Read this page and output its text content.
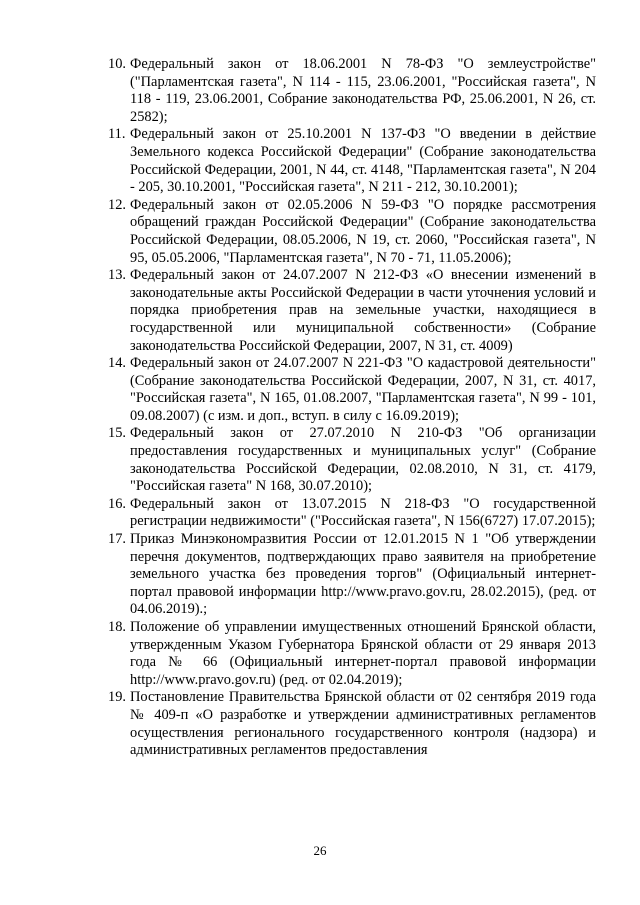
10. Федеральный закон от 18.06.2001 N 78-ФЗ "О землеустройстве" ("Парламентская газета", N 114 - 115, 23.06.2001, "Российская газета", N 118 - 119, 23.06.2001, Собрание законодательства РФ, 25.06.2001, N 26, ст. 2582);
11. Федеральный закон от 25.10.2001 N 137-ФЗ "О введении в действие Земельного кодекса Российской Федерации" (Собрание законодательства Российской Федерации, 2001, N 44, ст. 4148, "Парламентская газета", N 204 - 205, 30.10.2001, "Российская газета", N 211 - 212, 30.10.2001);
12. Федеральный закон от 02.05.2006 N 59-ФЗ "О порядке рассмотрения обращений граждан Российской Федерации" (Собрание законодательства Российской Федерации, 08.05.2006, N 19, ст. 2060, "Российская газета", N 95, 05.05.2006, "Парламентская газета", N 70 - 71, 11.05.2006);
13. Федеральный закон от 24.07.2007 N 212-ФЗ «О внесении изменений в законодательные акты Российской Федерации в части уточнения условий и порядка приобретения прав на земельные участки, находящиеся в государственной или муниципальной собственности» (Собрание законодательства Российской Федерации, 2007, N 31, ст. 4009)
14. Федеральный закон от 24.07.2007 N 221-ФЗ "О кадастровой деятельности" (Собрание законодательства Российской Федерации, 2007, N 31, ст. 4017, "Российская газета", N 165, 01.08.2007, "Парламентская газета", N 99 - 101, 09.08.2007) (с изм. и доп., вступ. в силу с 16.09.2019);
15. Федеральный закон от 27.07.2010 N 210-ФЗ "Об организации предоставления государственных и муниципальных услуг" (Собрание законодательства Российской Федерации, 02.08.2010, N 31, ст. 4179, "Российская газета" N 168, 30.07.2010);
16. Федеральный закон от 13.07.2015 N 218-ФЗ "О государственной регистрации недвижимости" ("Российская газета", N 156(6727) 17.07.2015);
17. Приказ Минэкономразвития России от 12.01.2015 N 1 "Об утверждении перечня документов, подтверждающих право заявителя на приобретение земельного участка без проведения торгов" (Официальный интернет-портал правовой информации http://www.pravo.gov.ru, 28.02.2015), (ред. от 04.06.2019).;
18. Положение об управлении имущественных отношений Брянской области, утвержденным Указом Губернатора Брянской области от 29 января 2013 года № 66 (Официальный интернет-портал правовой информации http://www.pravo.gov.ru) (ред. от 02.04.2019);
19. Постановление Правительства Брянской области от 02 сентября 2019 года № 409-п «О разработке и утверждении административных регламентов осуществления регионального государственного контроля (надзора) и административных регламентов предоставления
26
